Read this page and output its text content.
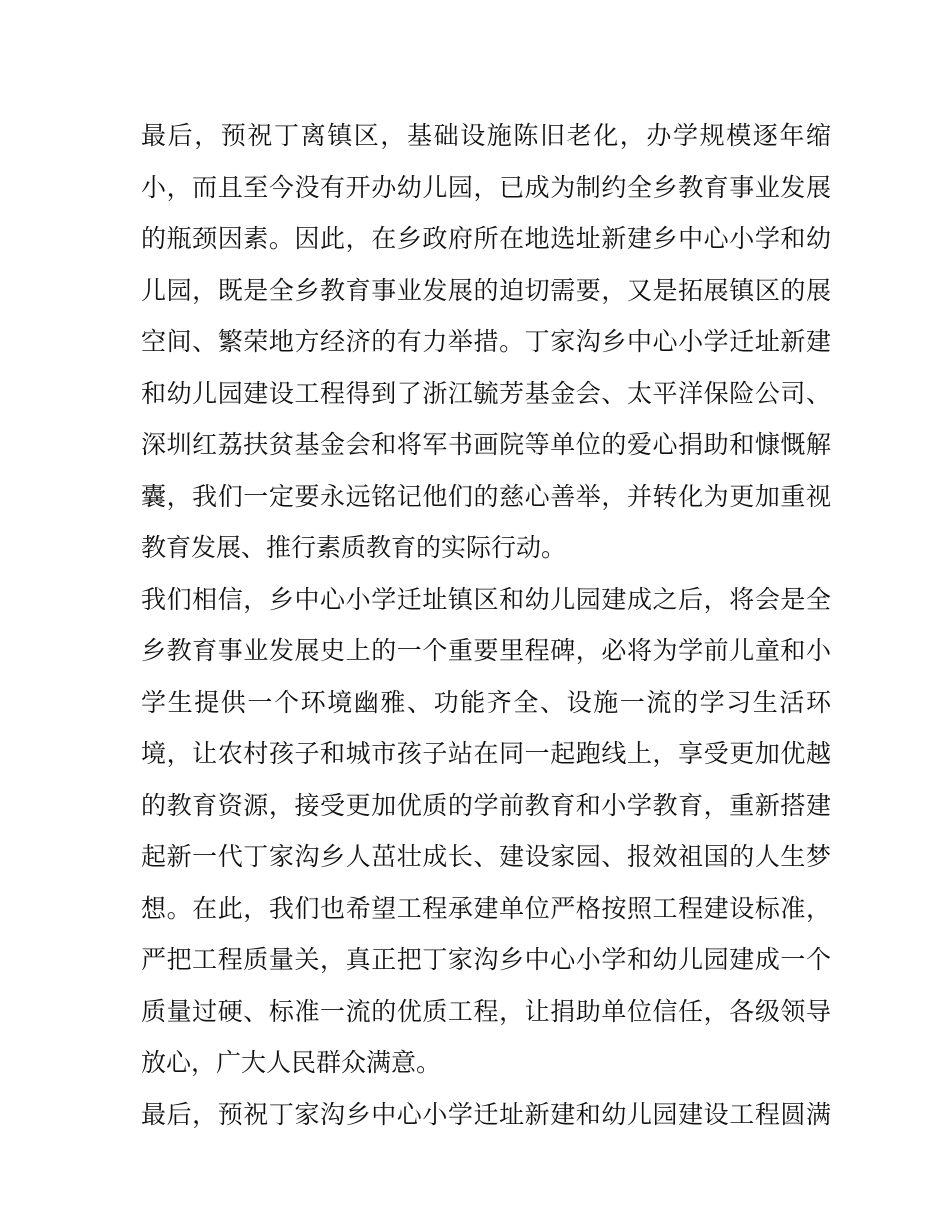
最后，预祝丁离镇区，基础设施陈旧老化，办学规模逐年缩
小，而且至今没有开办幼儿园，已成为制约全乡教育事业发展
的瓶颈因素。因此，在乡政府所在地选址新建乡中心小学和幼
儿园，既是全乡教育事业发展的迫切需要，又是拓展镇区的展
空间、繁荣地方经济的有力举措。丁家沟乡中心小学迁址新建
和幼儿园建设工程得到了浙江毓芳基金会、太平洋保险公司、
深圳红荔扶贫基金会和将军书画院等单位的爱心捐助和慷慨解
囊，我们一定要永远铭记他们的慈心善举，并转化为更加重视
教育发展、推行素质教育的实际行动。
我们相信，乡中心小学迁址镇区和幼儿园建成之后，将会是全
乡教育事业发展史上的一个重要里程碑，必将为学前儿童和小
学生提供一个环境幽雅、功能齐全、设施一流的学习生活环
境，让农村孩子和城市孩子站在同一起跑线上，享受更加优越
的教育资源，接受更加优质的学前教育和小学教育，重新搭建
起新一代丁家沟乡人茁壮成长、建设家园、报效祖国的人生梦
想。在此，我们也希望工程承建单位严格按照工程建设标准，
严把工程质量关，真正把丁家沟乡中心小学和幼儿园建成一个
质量过硬、标准一流的优质工程，让捐助单位信任，各级领导
放心，广大人民群众满意。
最后，预祝丁家沟乡中心小学迁址新建和幼儿园建设工程圆满
